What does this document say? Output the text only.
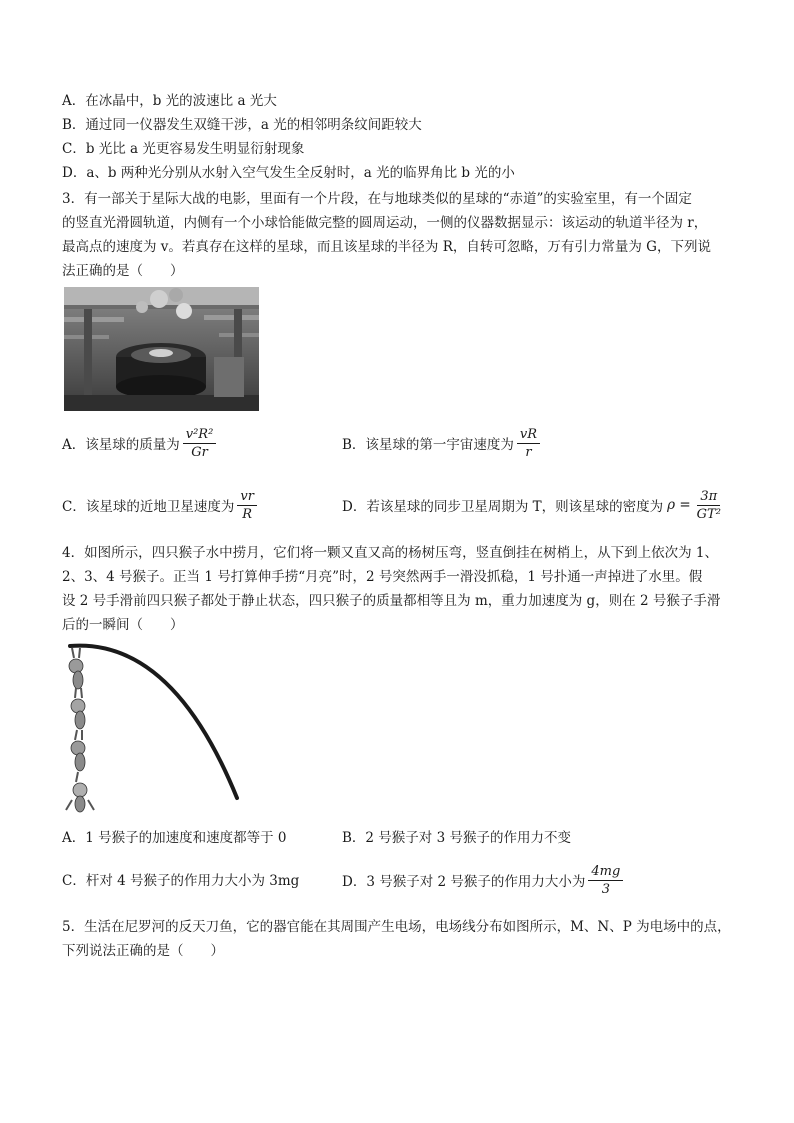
A．在冰晶中，b 光的波速比 a 光大
B．通过同一仪器发生双缝干涉，a 光的相邻明条纹间距较大
C．b 光比 a 光更容易发生明显衍射现象
D．a、b 两种光分别从水射入空气发生全反射时，a 光的临界角比 b 光的小
3．有一部关于星际大战的电影，里面有一个片段，在与地球类似的星球的“赤道”的实验室里，有一个固定
的竖直光滑圆轨道，内侧有一个小球恰能做完整的圆周运动，一侧的仪器数据显示：该运动的轨道半径为 r，
最高点的速度为 v。若真存在这样的星球，而且该星球的半径为 R，自转可忽略，万有引力常量为 G，下列说
法正确的是（　　）
A．该星球的质量为 $\frac{\text{v²R²}}{Gr}$	B．该星球的第一宇宙速度为 $\frac{vR}{r}$
C．该星球的近地卫星速度为 $\frac{vr}{R}$	D．若该星球的同步卫星周期为 T，则该星球的密度为 $\rho = \frac{3\pi}{\text{GT²}}$
4．如图所示，四只猴子水中捞月，它们将一颗又直又高的杨树压弯，竖直倒挂在树梢上，从下到上依次为 1、
2、3、4 号猴子。正当 1 号打算伸手捞“月亮”时，2 号突然两手一滑没抓稳，1 号扑通一声掉进了水里。假
设 2 号手滑前四只猴子都处于静止状态，四只猴子的质量都相等且为 m，重力加速度为 g，则在 2 号猴子手滑
后的一瞬间（　　）
A．1 号猴子的加速度和速度都等于 0	B．2 号猴子对 3 号猴子的作用力不变
C．杆对 4 号猴子的作用力大小为 3mg	D．3 号猴子对 2 号猴子的作用力大小为 $\frac{4mg}{3}$
5．生活在尼罗河的反天刀鱼，它的器官能在其周围产生电场，电场线分布如图所示，M、N、P 为电场中的点，
下列说法正确的是（　　）
